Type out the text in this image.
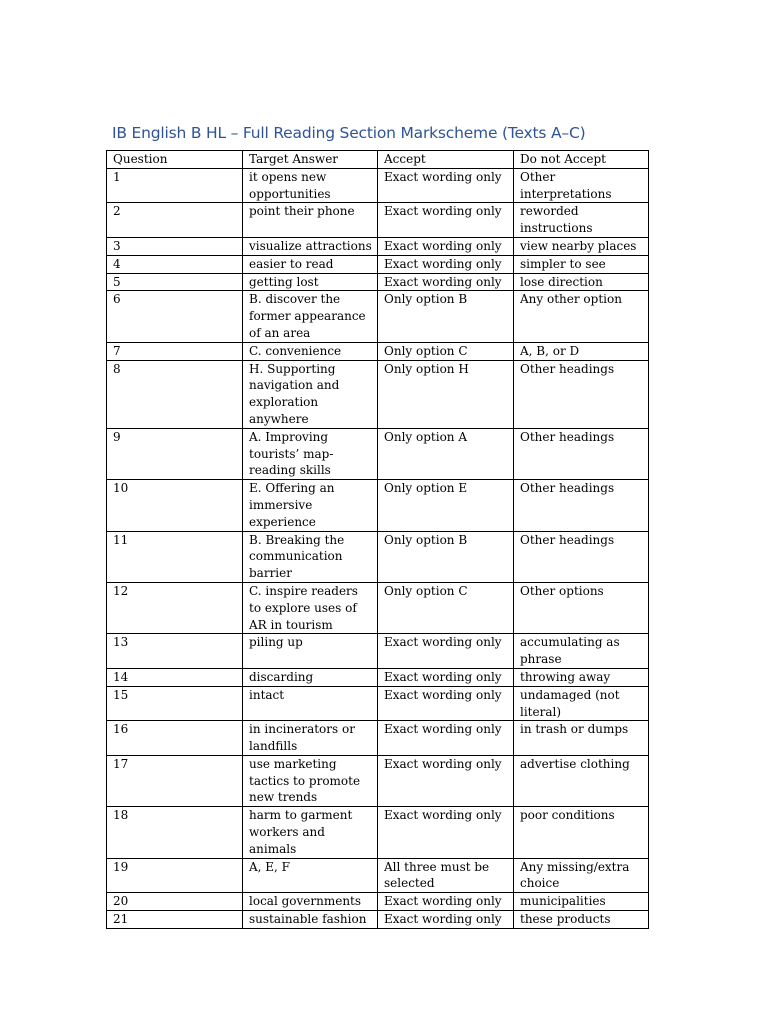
IB English B HL – Full Reading Section Markscheme (Texts A–C)
Question	Target Answer	Accept	Do not Accept
1	it opens new opportunities	Exact wording only	Other interpretations
2	point their phone	Exact wording only	reworded instructions
3	visualize attractions	Exact wording only	view nearby places
4	easier to read	Exact wording only	simpler to see
5	getting lost	Exact wording only	lose direction
6	B. discover the former appearance of an area	Only option B	Any other option
7	C. convenience	Only option C	A, B, or D
8	H. Supporting navigation and exploration anywhere	Only option H	Other headings
9	A. Improving tourists’ map-reading skills	Only option A	Other headings
10	E. Offering an immersive experience	Only option E	Other headings
11	B. Breaking the communication barrier	Only option B	Other headings
12	C. inspire readers to explore uses of AR in tourism	Only option C	Other options
13	piling up	Exact wording only	accumulating as phrase
14	discarding	Exact wording only	throwing away
15	intact	Exact wording only	undamaged (not literal)
16	in incinerators or landfills	Exact wording only	in trash or dumps
17	use marketing tactics to promote new trends	Exact wording only	advertise clothing
18	harm to garment workers and animals	Exact wording only	poor conditions
19	A, E, F	All three must be selected	Any missing/extra choice
20	local governments	Exact wording only	municipalities
21	sustainable fashion	Exact wording only	these products
